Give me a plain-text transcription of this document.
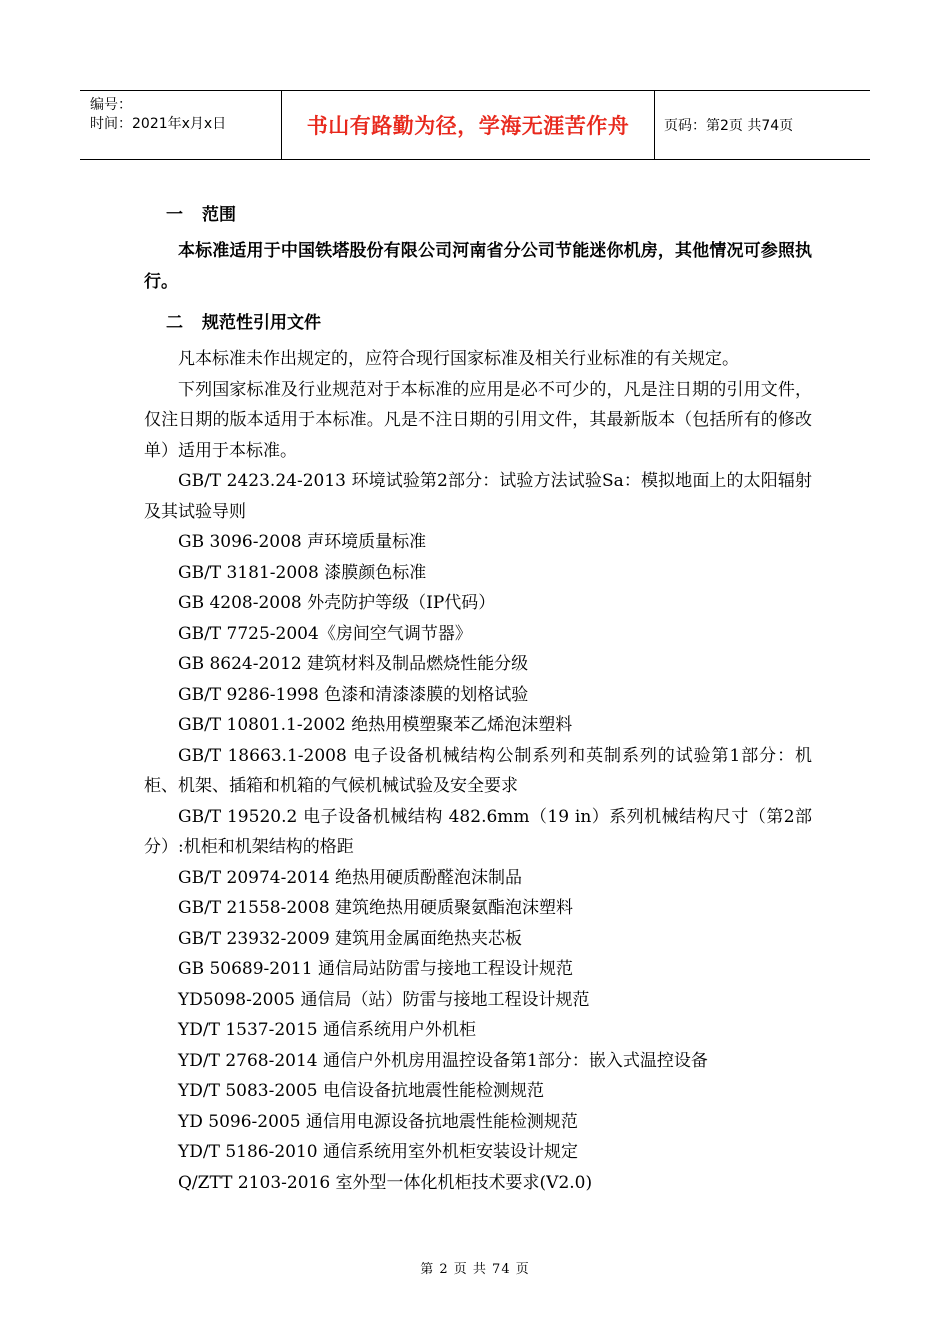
编号：
时间：2021年x月x日	书山有路勤为径，学海无涯苦作舟	页码：第2页 共74页
一 范围

本标准适用于中国铁塔股份有限公司河南省分公司节能迷你机房，其他情况可参照执行。

二 规范性引用文件

凡本标准未作出规定的，应符合现行国家标准及相关行业标准的有关规定。

下列国家标准及行业规范对于本标准的应用是必不可少的，凡是注日期的引用文件，仅注日期的版本适用于本标准。凡是不注日期的引用文件，其最新版本（包括所有的修改单）适用于本标准。

GB/T 2423.24-2013 环境试验第2部分：试验方法试验Sa：模拟地面上的太阳辐射及其试验导则

GB 3096-2008 声环境质量标准

GB/T 3181-2008 漆膜颜色标准

GB 4208-2008 外壳防护等级（IP代码）

GB/T 7725-2004《房间空气调节器》

GB 8624-2012 建筑材料及制品燃烧性能分级

GB/T 9286-1998 色漆和清漆漆膜的划格试验

GB/T 10801.1-2002 绝热用模塑聚苯乙烯泡沫塑料

GB/T 18663.1-2008 电子设备机械结构公制系列和英制系列的试验第1部分：机柜、机架、插箱和机箱的气候机械试验及安全要求

GB/T 19520.2 电子设备机械结构 482.6mm（19 in）系列机械结构尺寸（第2部分）:机柜和机架结构的格距

GB/T 20974-2014 绝热用硬质酚醛泡沫制品

GB/T 21558-2008 建筑绝热用硬质聚氨酯泡沫塑料

GB/T 23932-2009 建筑用金属面绝热夹芯板

GB 50689-2011 通信局站防雷与接地工程设计规范

YD5098-2005 通信局（站）防雷与接地工程设计规范

YD/T 1537-2015 通信系统用户外机柜

YD/T 2768-2014 通信户外机房用温控设备第1部分：嵌入式温控设备

YD/T 5083-2005 电信设备抗地震性能检测规范

YD 5096-2005 通信用电源设备抗地震性能检测规范

YD/T 5186-2010 通信系统用室外机柜安装设计规定

Q/ZTT 2103-2016 室外型一体化机柜技术要求(V2.0)

第 2 页 共 74 页
